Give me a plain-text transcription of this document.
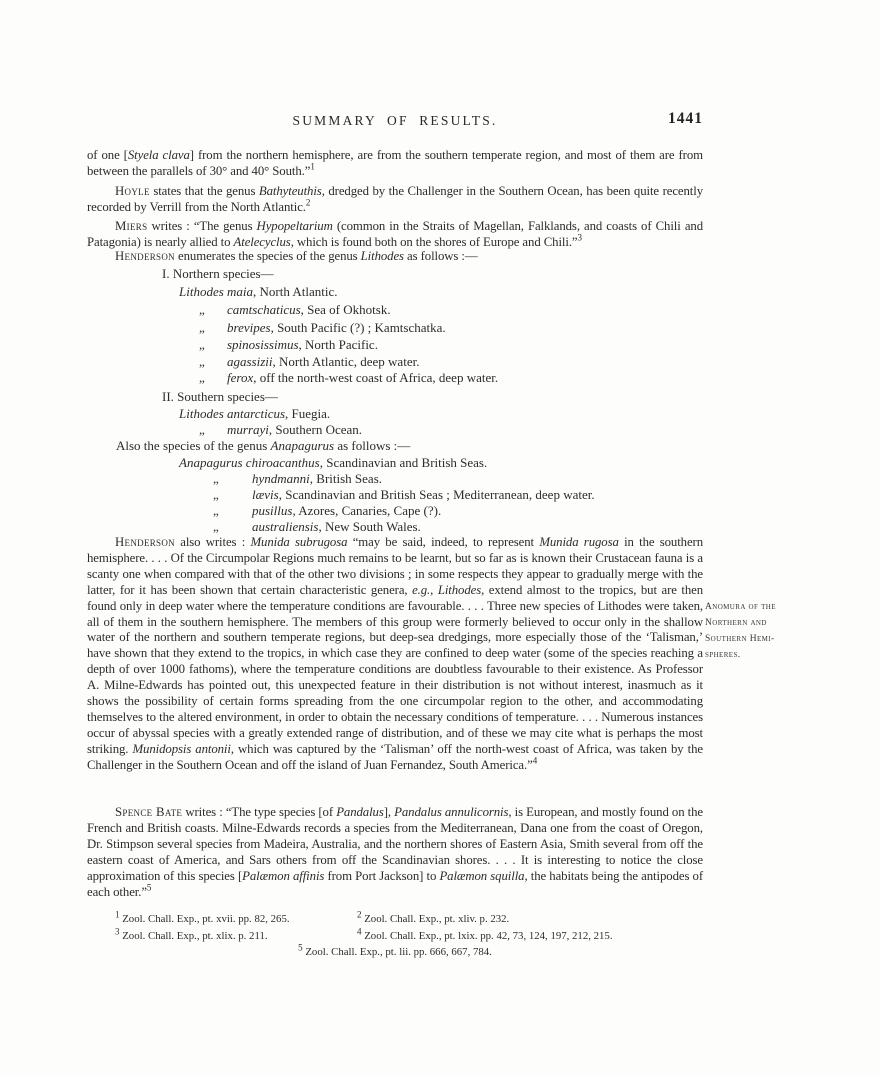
SUMMARY OF RESULTS.	1441

of one [Styela clava] from the northern hemisphere, are from the southern temperate region, and most of them are from between the parallels of 30° and 40° South.”$^1$

Hoyle states that the genus Bathyteuthis, dredged by the Challenger in the Southern Ocean, has been quite recently recorded by Verrill from the North Atlantic.$^2$

Miers writes : “The genus Hypopeltarium (common in the Straits of Magellan, Falklands, and coasts of Chili and Patagonia) is nearly allied to Atelecyclus, which is found both on the shores of Europe and Chili.”$^3$

Henderson enumerates the species of the genus Lithodes as follows :—

I. Northern species—
Lithodes maia, North Atlantic.
„ camtschaticus, Sea of Okhotsk.
„ brevipes, South Pacific (?) ; Kamtschatka.
„ spinosissimus, North Pacific.
„ agassizii, North Atlantic, deep water.
„ ferox, off the north-west coast of Africa, deep water.
II. Southern species—
Lithodes antarcticus, Fuegia.
„ murrayi, Southern Ocean.
Also the species of the genus Anapagurus as follows :—
Anapagurus chiroacanthus, Scandinavian and British Seas.
„	hyndmanni, British Seas.
„	lævis, Scandinavian and British Seas ; Mediterranean, deep water.
„	pusillus, Azores, Canaries, Cape (?).
„	australiensis, New South Wales.

Henderson also writes : Munida subrugosa “may be said, indeed, to represent Munida rugosa in the southern hemisphere. . . . Of the Circumpolar Regions much remains to be learnt, but so far as is known their Crustacean fauna is a scanty one when compared with that of the other two divisions ; in some respects they appear to gradually merge with the latter, for it has been shown that certain characteristic genera, e.g., Lithodes, extend almost to the tropics, but are then found only in deep water where the temperature conditions are favourable. . . . Three new species of Lithodes were taken, all of them in the southern hemisphere. The members of this group were formerly believed to occur only in the shallow water of the northern and southern temperate regions, but deep-sea dredgings, more especially those of the ‘Talisman,’ have shown that they extend to the tropics, in which case they are confined to deep water (some of the species reaching a depth of over 1000 fathoms), where the temperature conditions are doubtless favourable to their existence. As Professor A. Milne-Edwards has pointed out, this unexpected feature in their distribution is not without interest, inasmuch as it shows the possibility of certain forms spreading from the one circumpolar region to the other, and accommodating themselves to the altered environment, in order to obtain the necessary conditions of temperature. . . . Numerous instances occur of abyssal species with a greatly extended range of distribution, and of these we may cite what is perhaps the most striking. Munidopsis antonii, which was captured by the ‘Talisman’ off the north-west coast of Africa, was taken by the Challenger in the Southern Ocean and off the island of Juan Fernandez, South America.”$^4$

Spence Bate writes : “The type species [of Pandalus], Pandalus annulicornis, is European, and mostly found on the French and British coasts. Milne-Edwards records a species from the Mediterranean, Dana one from the coast of Oregon, Dr. Stimpson several species from Madeira, Australia, and the northern shores of Eastern Asia, Smith several from off the eastern coast of America, and Sars others from off the Scandinavian shores. . . . It is interesting to notice the close approximation of this species [Palæmon affinis from Port Jackson] to Palæmon squilla, the habitats being the antipodes of each other.”$^5$

Anomura of the
Northern and
Southern Hemi-
spheres.
$^1$ Zool. Chall. Exp., pt. xvii. pp. 82, 265.	$^2$ Zool. Chall. Exp., pt. xliv. p. 232.
$^3$ Zool. Chall. Exp., pt. xlix. p. 211.	$^4$ Zool. Chall. Exp., pt. lxix. pp. 42, 73, 124, 197, 212, 215.
$^5$ Zool. Chall. Exp., pt. lii. pp. 666, 667, 784.
